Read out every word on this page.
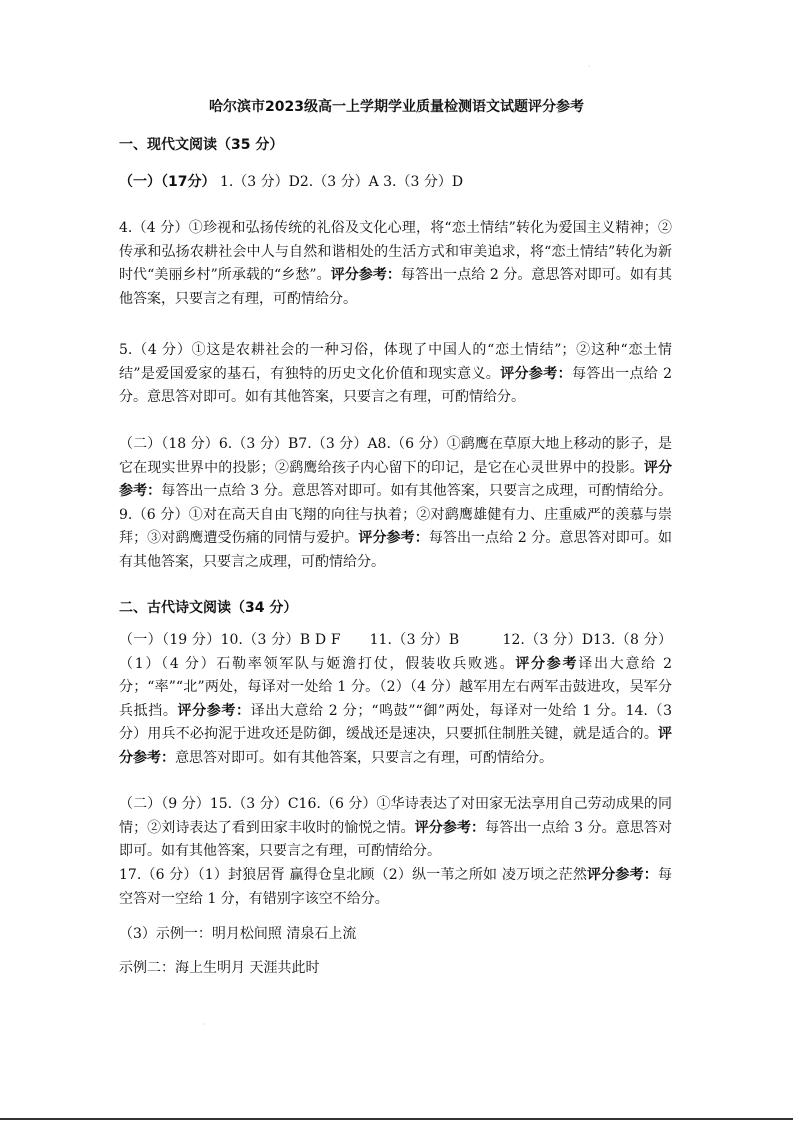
·
哈尔滨市2023级高一上学期学业质量检测语文试题评分参考
一、现代文阅读（35 分）
（一）（17分） 1.（3 分）D2.（3 分）A 3.（3 分）D
4.（4 分）①珍视和弘扬传统的礼俗及文化心理，将“恋土情结”转化为爱国主义精神；②传承和弘扬农耕社会中人与自然和谐相处的生活方式和审美追求，将“恋土情结”转化为新时代“美丽乡村”所承载的“乡愁”。评分参考：每答出一点给 2 分。意思答对即可。如有其他答案，只要言之有理，可酌情给分。
5.（4 分）①这是农耕社会的一种习俗，体现了中国人的“恋土情结”；②这种“恋土情结”是爱国爱家的基石，有独特的历史文化价值和现实意义。评分参考：每答出一点给 2 分。意思答对即可。如有其他答案，只要言之有理，可酌情给分。
（二）（18 分）6.（3 分）B7.（3 分）A8.（6 分）①鹞鹰在草原大地上移动的影子，是它在现实世界中的投影；②鹞鹰给孩子内心留下的印记，是它在心灵世界中的投影。评分参考：每答出一点给 3 分。意思答对即可。如有其他答案，只要言之成理，可酌情给分。9.（6 分）①对在高天自由飞翔的向往与执着；②对鹞鹰雄健有力、庄重威严的羡慕与崇拜；③对鹞鹰遭受伤痛的同情与爱护。评分参考：每答出一点给 2 分。意思答对即可。如有其他答案，只要言之成理，可酌情给分。
二、古代诗文阅读（34 分）
（一）（19 分）10.（3 分）B D F　　11.（3 分）B　　　12.（3 分）D13.（8 分）（1）（4 分）石勒率领军队与姬澹打仗，假装收兵败逃。评分参考译出大意给 2 分；“率”“北”两处，每译对一处给 1 分。（2）（4 分）越军用左右两军击鼓进攻，吴军分兵抵挡。评分参考：译出大意给 2 分；“鸣鼓”“御”两处，每译对一处给 1 分。14.（3 分）用兵不必拘泥于进攻还是防御，缓战还是速决，只要抓住制胜关键，就是适合的。评分参考：意思答对即可。如有其他答案，只要言之有理，可酌情给分。
（二）（9 分）15.（3 分）C16.（6 分）①华诗表达了对田家无法享用自己劳动成果的同情；②刘诗表达了看到田家丰收时的愉悦之情。评分参考：每答出一点给 3 分。意思答对即可。如有其他答案，只要言之有理，可酌情给分。
17.（6 分）（1）封狼居胥 赢得仓皇北顾（2）纵一苇之所如 凌万顷之茫然评分参考：每空答对一空给 1 分，有错别字该空不给分。
（3）示例一：明月松间照 清泉石上流
示例二：海上生明月 天涯共此时
·
